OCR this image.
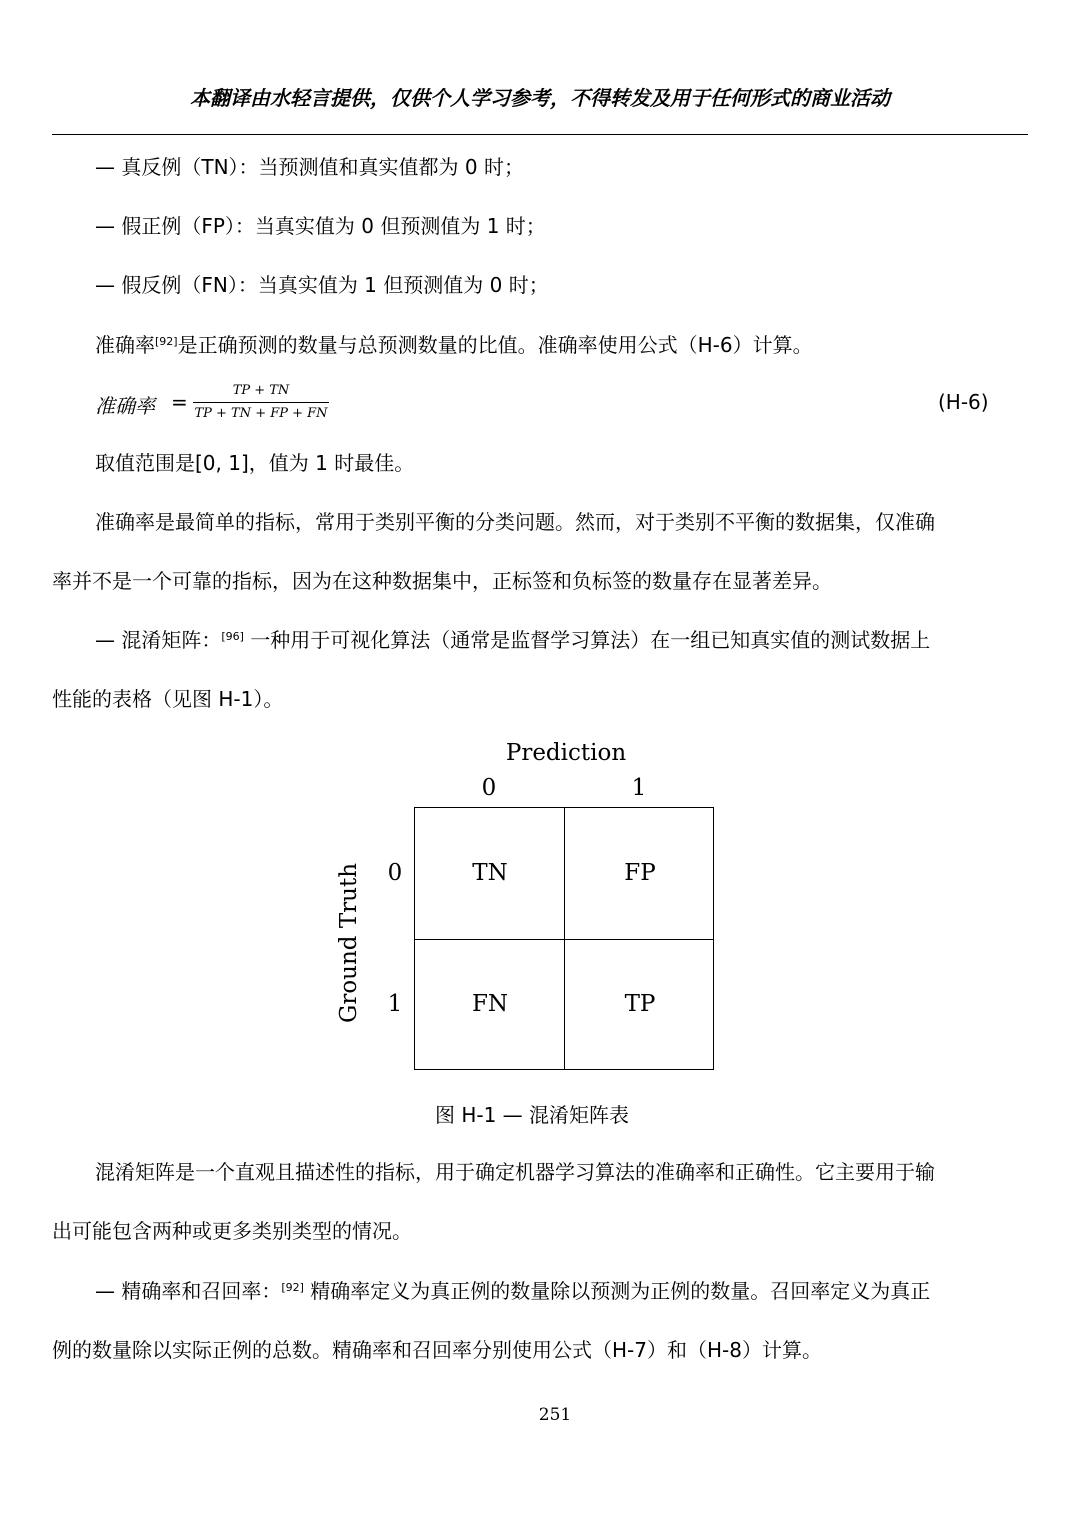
本翻译由水轻言提供，仅供个人学习参考，不得转发及用于任何形式的商业活动
— 真反例（TN）：当预测值和真实值都为 0 时；
— 假正例（FP）：当真实值为 0 但预测值为 1 时；
— 假反例（FN）：当真实值为 1 但预测值为 0 时；
准确率[92]是正确预测的数量与总预测数量的比值。准确率使用公式（H-6）计算。
准确率 =	TP + TN
TP + TN + FP + FN	(H-6)
取值范围是[0, 1]，值为 1 时最佳。
准确率是最简单的指标，常用于类别平衡的分类问题。然而，对于类别不平衡的数据集，仅准确
率并不是一个可靠的指标，因为在这种数据集中，正标签和负标签的数量存在显著差异。
— 混淆矩阵：[96] 一种用于可视化算法（通常是监督学习算法）在一组已知真实值的测试数据上
性能的表格（见图 H-1）。
Prediction
0	1
Ground Truth	0
1
TN	FP
FN	TP
图 H-1 — 混淆矩阵表
混淆矩阵是一个直观且描述性的指标，用于确定机器学习算法的准确率和正确性。它主要用于输
出可能包含两种或更多类别类型的情况。
— 精确率和召回率：[92] 精确率定义为真正例的数量除以预测为正例的数量。召回率定义为真正
例的数量除以实际正例的总数。精确率和召回率分别使用公式（H-7）和（H-8）计算。
251
